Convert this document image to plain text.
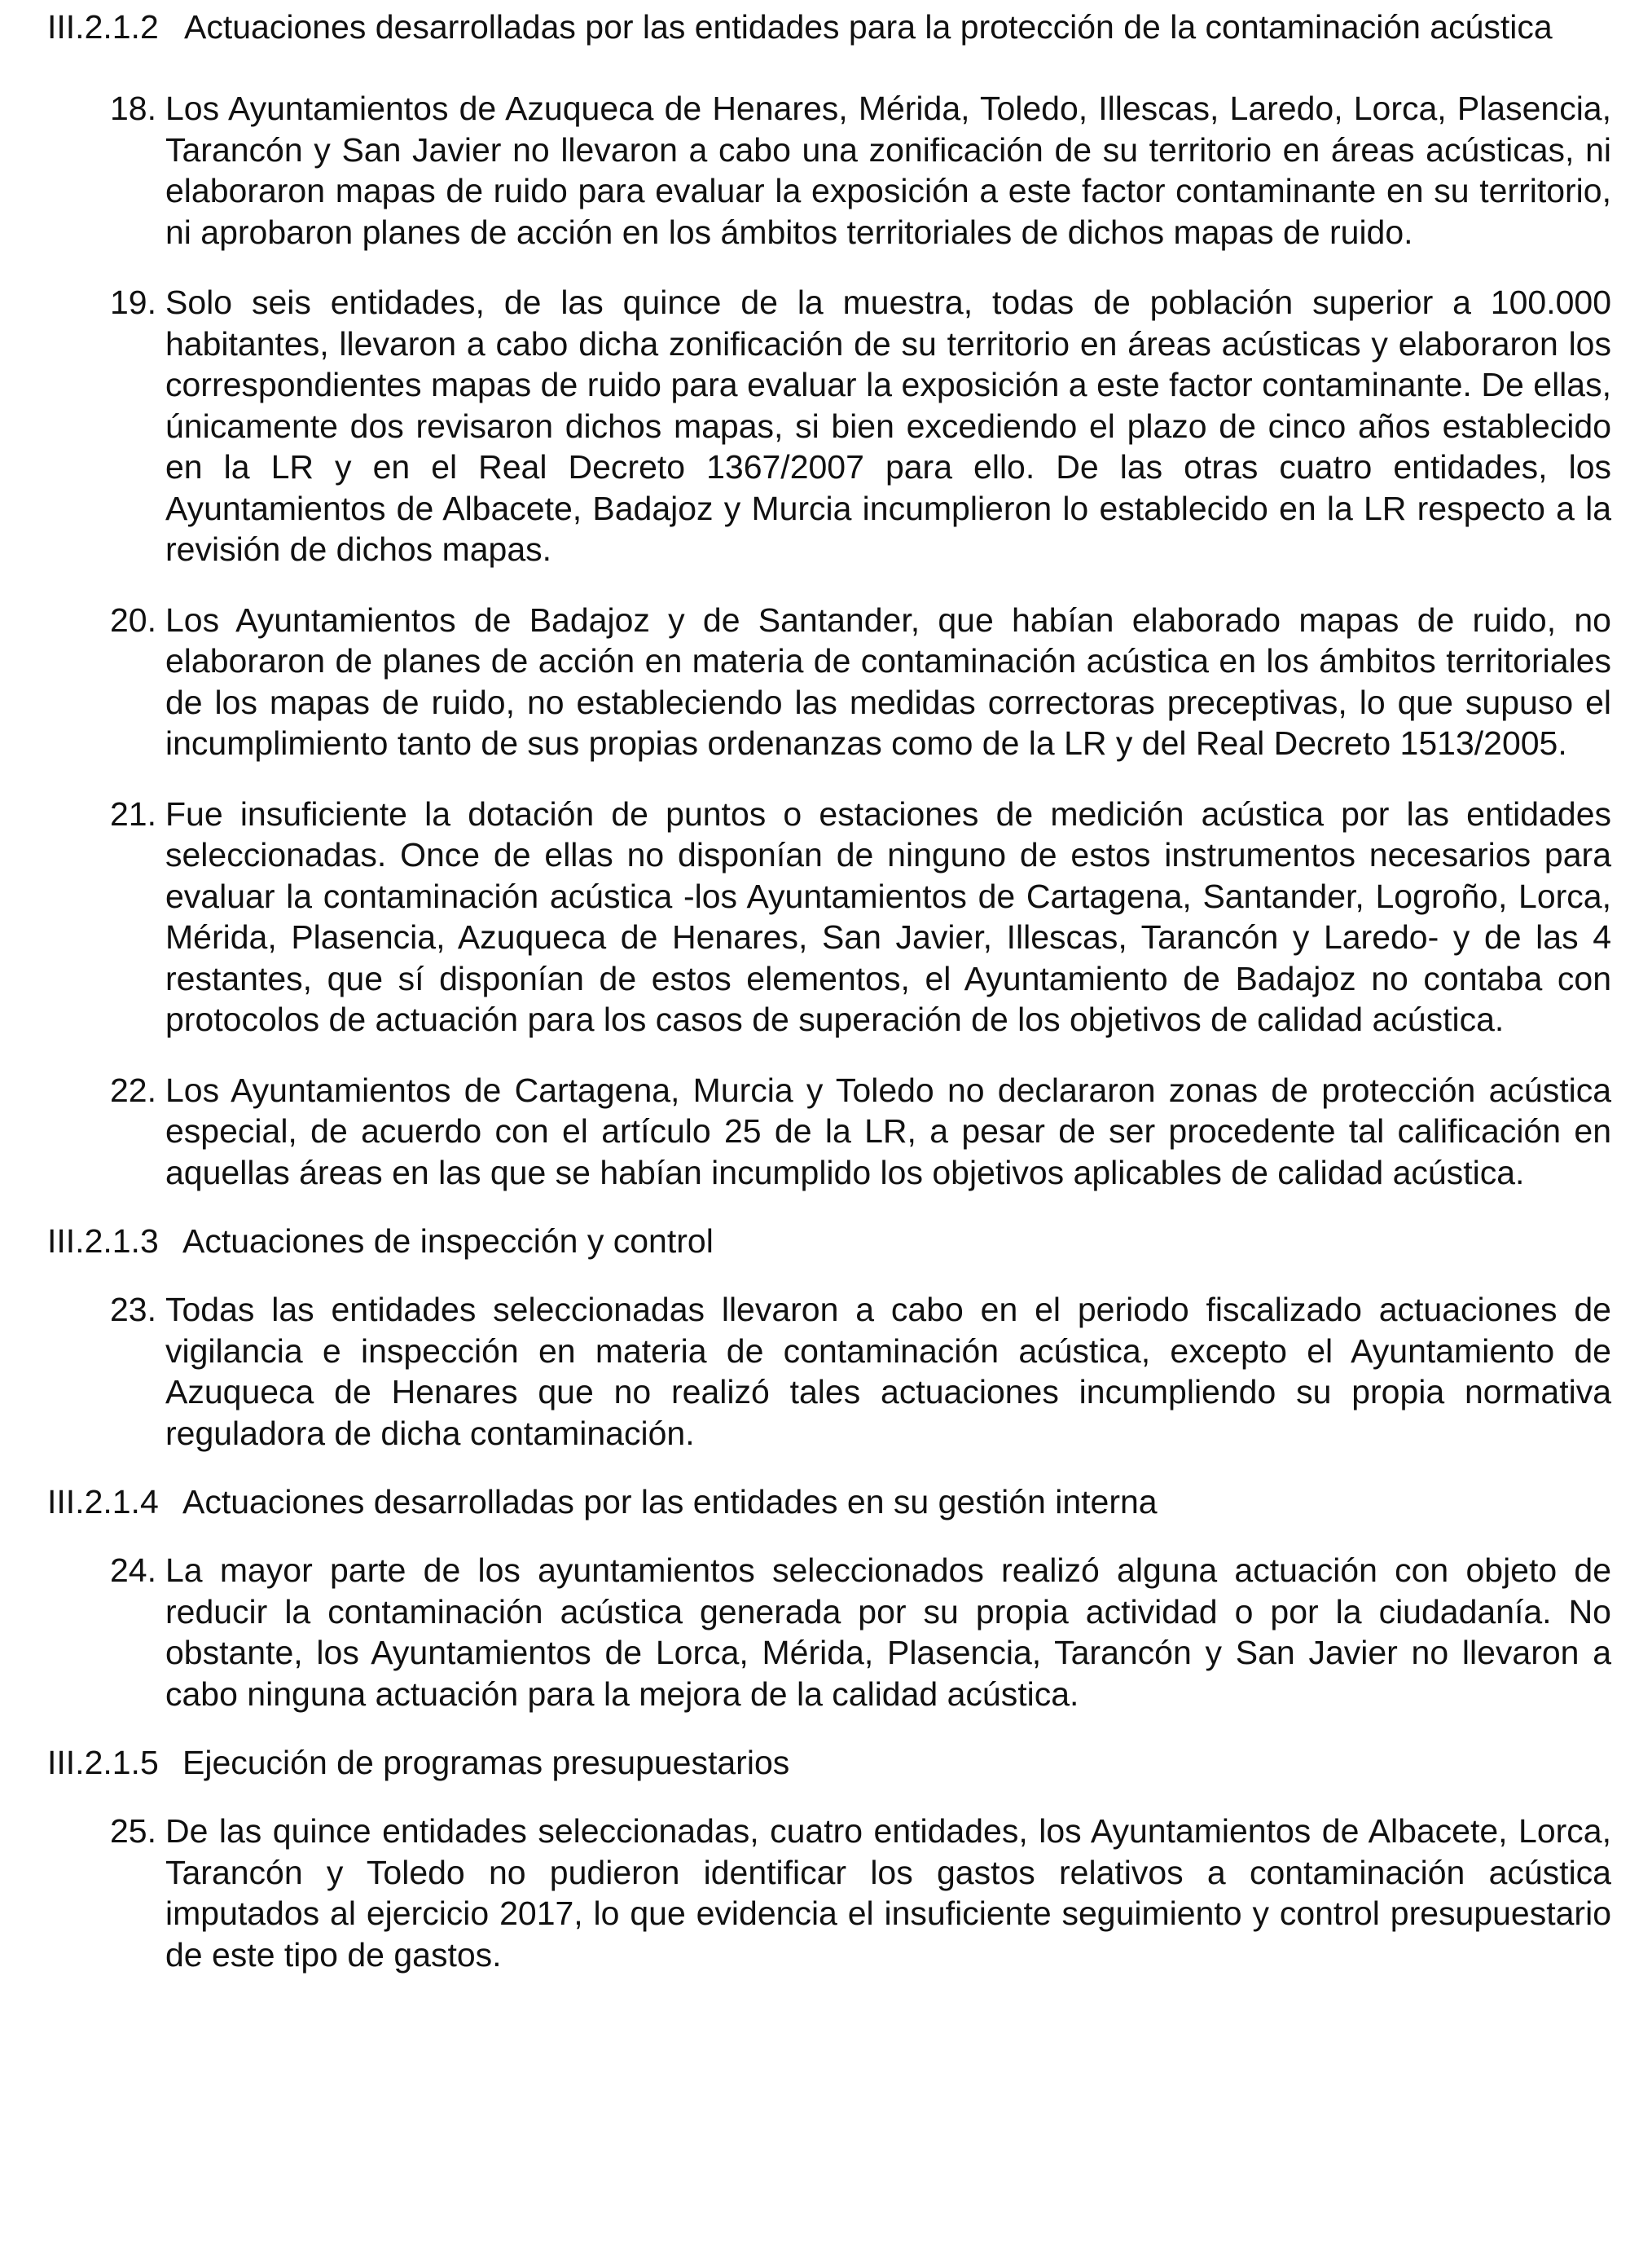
III.2.1.2 Actuaciones desarrolladas por las entidades para la protección de la contaminación acústica
18. Los Ayuntamientos de Azuqueca de Henares, Mérida, Toledo, Illescas, Laredo, Lorca, Plasencia, Tarancón y San Javier no llevaron a cabo una zonificación de su territorio en áreas acústicas, ni elaboraron mapas de ruido para evaluar la exposición a este factor contaminante en su territorio, ni aprobaron planes de acción en los ámbitos territoriales de dichos mapas de ruido.
19. Solo seis entidades, de las quince de la muestra, todas de población superior a 100.000 habitantes, llevaron a cabo dicha zonificación de su territorio en áreas acústicas y elaboraron los correspondientes mapas de ruido para evaluar la exposición a este factor contaminante. De ellas, únicamente dos revisaron dichos mapas, si bien excediendo el plazo de cinco años establecido en la LR y en el Real Decreto 1367/2007 para ello. De las otras cuatro entidades, los Ayuntamientos de Albacete, Badajoz y Murcia incumplieron lo establecido en la LR respecto a la revisión de dichos mapas.
20. Los Ayuntamientos de Badajoz y de Santander, que habían elaborado mapas de ruido, no elaboraron de planes de acción en materia de contaminación acústica en los ámbitos territoriales de los mapas de ruido, no estableciendo las medidas correctoras preceptivas, lo que supuso el incumplimiento tanto de sus propias ordenanzas como de la LR y del Real Decreto 1513/2005.
21. Fue insuficiente la dotación de puntos o estaciones de medición acústica por las entidades seleccionadas. Once de ellas no disponían de ninguno de estos instrumentos necesarios para evaluar la contaminación acústica -los Ayuntamientos de Cartagena, Santander, Logroño, Lorca, Mérida, Plasencia, Azuqueca de Henares, San Javier, Illescas, Tarancón y Laredo- y de las 4 restantes, que sí disponían de estos elementos, el Ayuntamiento de Badajoz no contaba con protocolos de actuación para los casos de superación de los objetivos de calidad acústica.
22. Los Ayuntamientos de Cartagena, Murcia y Toledo no declararon zonas de protección acústica especial, de acuerdo con el artículo 25 de la LR, a pesar de ser procedente tal calificación en aquellas áreas en las que se habían incumplido los objetivos aplicables de calidad acústica.
III.2.1.3 Actuaciones de inspección y control
23. Todas las entidades seleccionadas llevaron a cabo en el periodo fiscalizado actuaciones de vigilancia e inspección en materia de contaminación acústica, excepto el Ayuntamiento de Azuqueca de Henares que no realizó tales actuaciones incumpliendo su propia normativa reguladora de dicha contaminación.
III.2.1.4 Actuaciones desarrolladas por las entidades en su gestión interna
24. La mayor parte de los ayuntamientos seleccionados realizó alguna actuación con objeto de reducir la contaminación acústica generada por su propia actividad o por la ciudadanía. No obstante, los Ayuntamientos de Lorca, Mérida, Plasencia, Tarancón y San Javier no llevaron a cabo ninguna actuación para la mejora de la calidad acústica.
III.2.1.5 Ejecución de programas presupuestarios
25. De las quince entidades seleccionadas, cuatro entidades, los Ayuntamientos de Albacete, Lorca, Tarancón y Toledo no pudieron identificar los gastos relativos a contaminación acústica imputados al ejercicio 2017, lo que evidencia el insuficiente seguimiento y control presupuestario de este tipo de gastos.
